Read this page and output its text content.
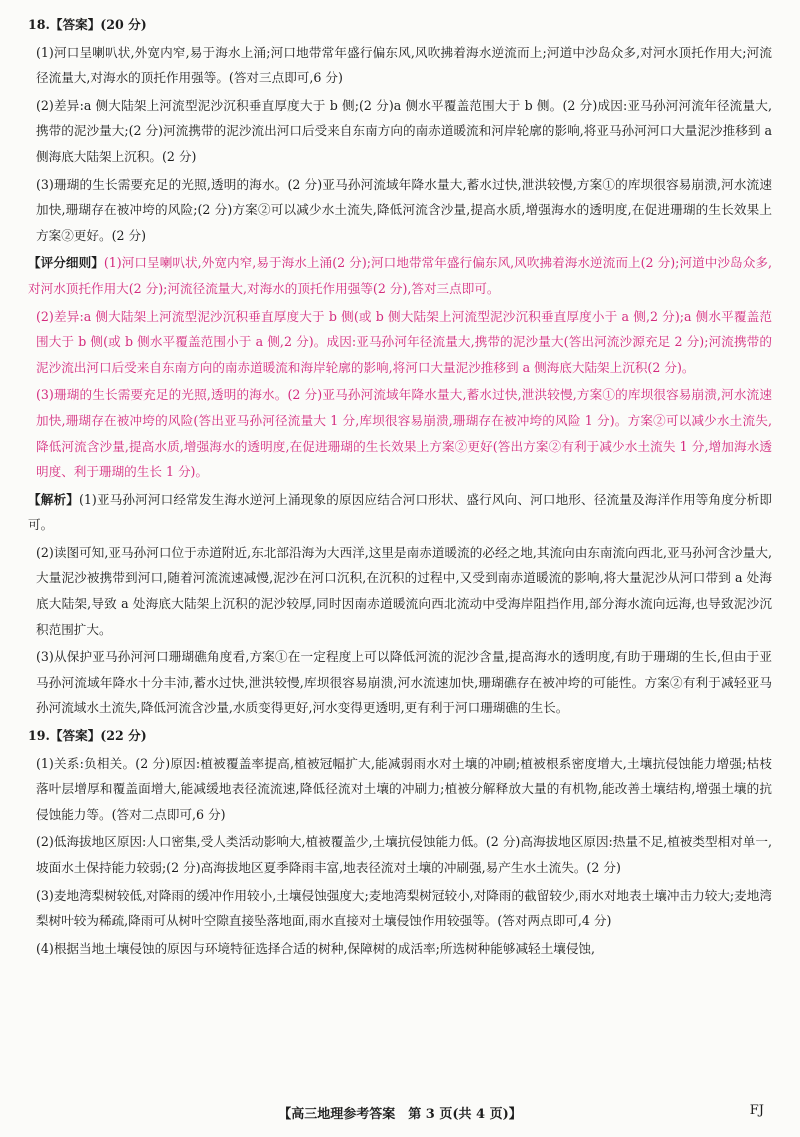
18.【答案】(20 分)

(1)河口呈喇叭状,外宽内窄,易于海水上涌;河口地带常年盛行偏东风,风吹拂着海水逆流而上;河道中沙岛众多,对河水顶托作用大;河流径流量大,对海水的顶托作用强等。(答对三点即可,6 分)

(2)差异:a 侧大陆架上河流型泥沙沉积垂直厚度大于 b 侧;(2 分)a 侧水平覆盖范围大于 b 侧。(2 分)成因:亚马孙河河流年径流量大,携带的泥沙量大;(2 分)河流携带的泥沙流出河口后受来自东南方向的南赤道暖流和河岸轮廓的影响,将亚马孙河河口大量泥沙推移到 a 侧海底大陆架上沉积。(2 分)

(3)珊瑚的生长需要充足的光照,透明的海水。(2 分)亚马孙河流域年降水量大,蓄水过快,泄洪较慢,方案①的库坝很容易崩溃,河水流速加快,珊瑚存在被冲垮的风险;(2 分)方案②可以减少水土流失,降低河流含沙量,提高水质,增强海水的透明度,在促进珊瑚的生长效果上方案②更好。(2 分)

【评分细则】(1)河口呈喇叭状,外宽内窄,易于海水上涌(2 分);河口地带常年盛行偏东风,风吹拂着海水逆流而上(2 分);河道中沙岛众多,对河水顶托作用大(2 分);河流径流量大,对海水的顶托作用强等(2 分),答对三点即可。

(2)差异:a 侧大陆架上河流型泥沙沉积垂直厚度大于 b 侧(或 b 侧大陆架上河流型泥沙沉积垂直厚度小于 a 侧,2 分);a 侧水平覆盖范围大于 b 侧(或 b 侧水平覆盖范围小于 a 侧,2 分)。成因:亚马孙河年径流量大,携带的泥沙量大(答出河流沙源充足 2 分);河流携带的泥沙流出河口后受来自东南方向的南赤道暖流和海岸轮廓的影响,将河口大量泥沙推移到 a 侧海底大陆架上沉积(2 分)。

(3)珊瑚的生长需要充足的光照,透明的海水。(2 分)亚马孙河流域年降水量大,蓄水过快,泄洪较慢,方案①的库坝很容易崩溃,河水流速加快,珊瑚存在被冲垮的风险(答出亚马孙河径流量大 1 分,库坝很容易崩溃,珊瑚存在被冲垮的风险 1 分)。方案②可以减少水土流失,降低河流含沙量,提高水质,增强海水的透明度,在促进珊瑚的生长效果上方案②更好(答出方案②有利于减少水土流失 1 分,增加海水透明度、利于珊瑚的生长 1 分)。

【解析】(1)亚马孙河河口经常发生海水逆河上涌现象的原因应结合河口形状、盛行风向、河口地形、径流量及海洋作用等角度分析即可。

(2)读图可知,亚马孙河口位于赤道附近,东北部沿海为大西洋,这里是南赤道暖流的必经之地,其流向由东南流向西北,亚马孙河含沙量大,大量泥沙被携带到河口,随着河流流速减慢,泥沙在河口沉积,在沉积的过程中,又受到南赤道暖流的影响,将大量泥沙从河口带到 a 处海底大陆架,导致 a 处海底大陆架上沉积的泥沙较厚,同时因南赤道暖流向西北流动中受海岸阻挡作用,部分海水流向远海,也导致泥沙沉积范围扩大。

(3)从保护亚马孙河河口珊瑚礁角度看,方案①在一定程度上可以降低河流的泥沙含量,提高海水的透明度,有助于珊瑚的生长,但由于亚马孙河流域年降水十分丰沛,蓄水过快,泄洪较慢,库坝很容易崩溃,河水流速加快,珊瑚礁存在被冲垮的可能性。方案②有利于减轻亚马孙河流域水土流失,降低河流含沙量,水质变得更好,河水变得更透明,更有利于河口珊瑚礁的生长。

19.【答案】(22 分)

(1)关系:负相关。(2 分)原因:植被覆盖率提高,植被冠幅扩大,能减弱雨水对土壤的冲刷;植被根系密度增大,土壤抗侵蚀能力增强;枯枝落叶层增厚和覆盖面增大,能减缓地表径流流速,降低径流对土壤的冲刷力;植被分解释放大量的有机物,能改善土壤结构,增强土壤的抗侵蚀能力等。(答对二点即可,6 分)

(2)低海拔地区原因:人口密集,受人类活动影响大,植被覆盖少,土壤抗侵蚀能力低。(2 分)高海拔地区原因:热量不足,植被类型相对单一,坡面水土保持能力较弱;(2 分)高海拔地区夏季降雨丰富,地表径流对土壤的冲刷强,易产生水土流失。(2 分)

(3)麦地湾梨树较低,对降雨的缓冲作用较小,土壤侵蚀强度大;麦地湾梨树冠较小,对降雨的截留较少,雨水对地表土壤冲击力较大;麦地湾梨树叶较为稀疏,降雨可从树叶空隙直接坠落地面,雨水直接对土壤侵蚀作用较强等。(答对两点即可,4 分)

(4)根据当地土壤侵蚀的原因与环境特征选择合适的树种,保障树的成活率;所选树种能够减轻土壤侵蚀,

【高三地理参考答案　第 3 页(共 4 页)】	FJ
